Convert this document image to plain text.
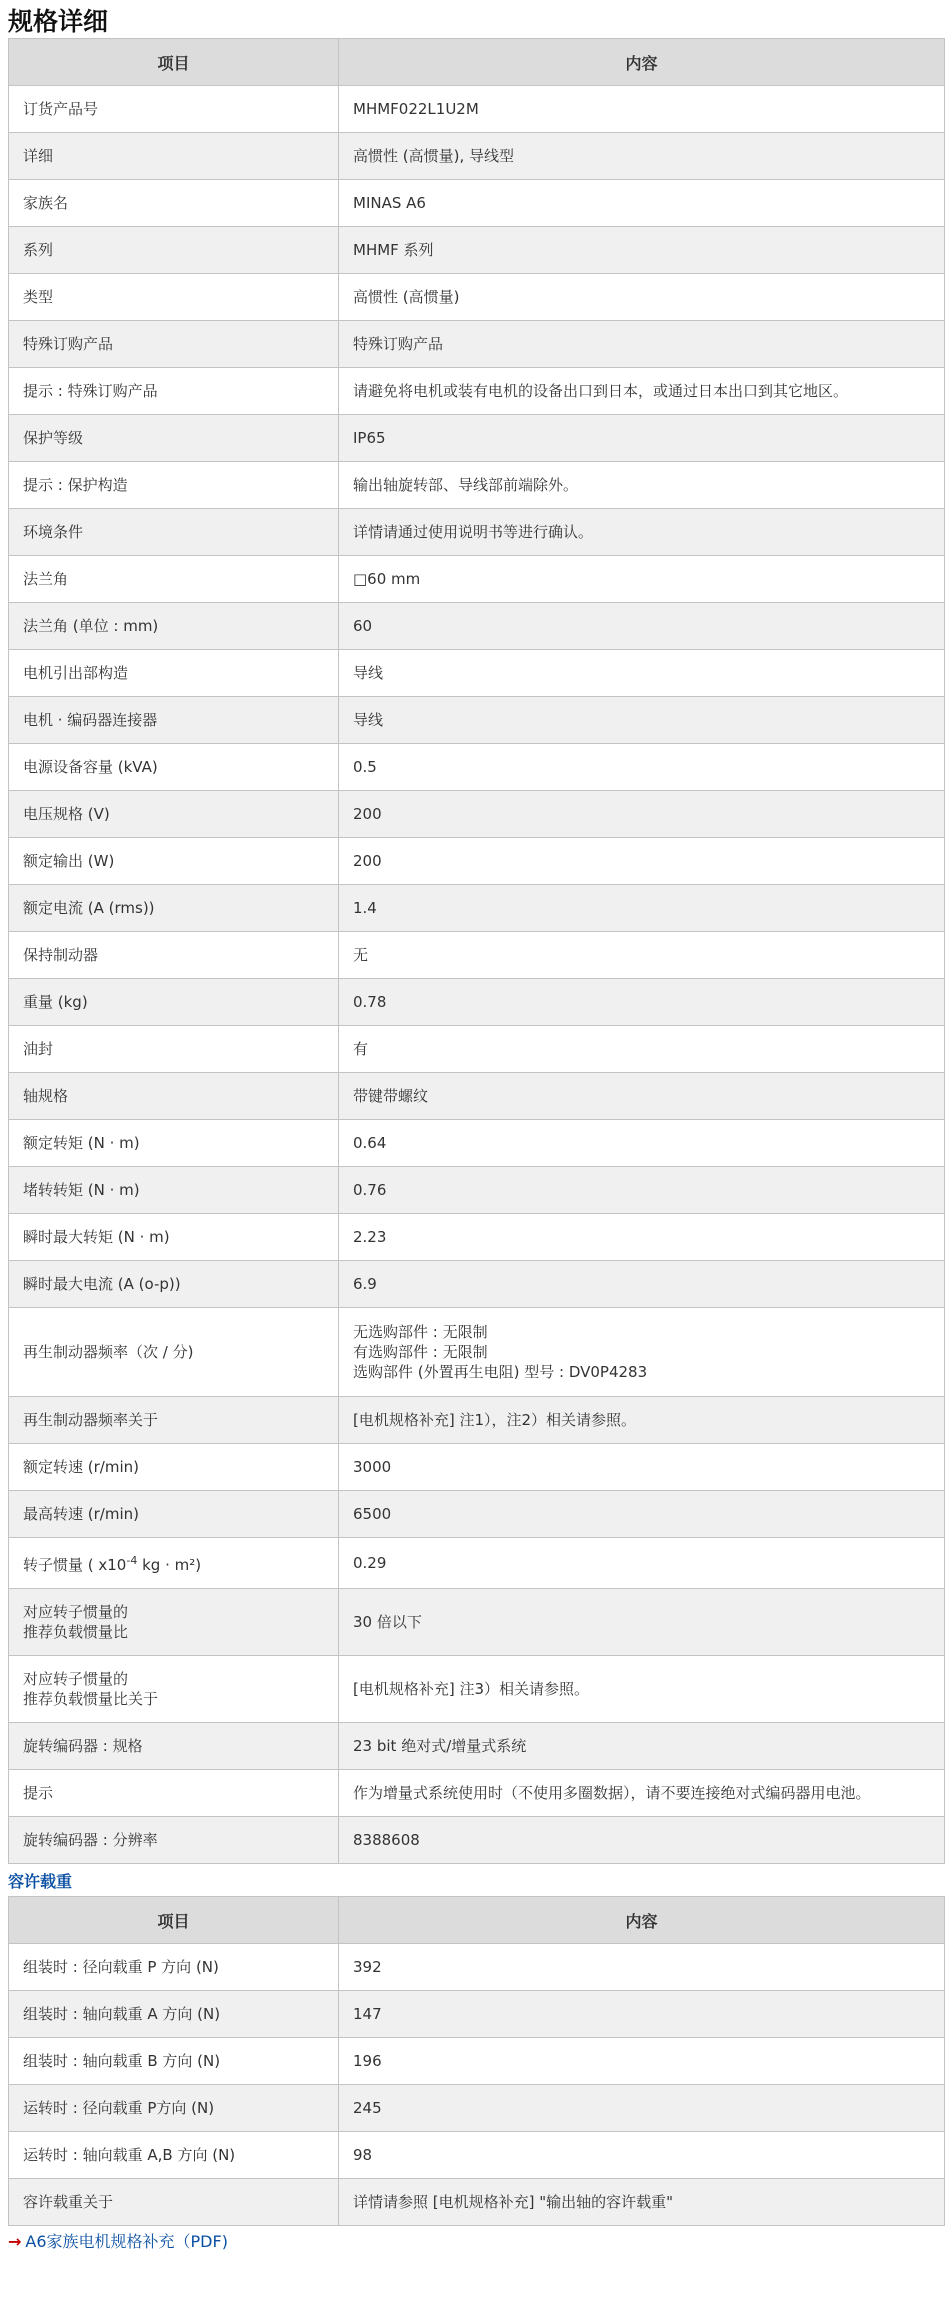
规格详细
项目	内容
订货产品号	MHMF022L1U2M
详细	高惯性 (高惯量), 导线型
家族名	MINAS A6
系列	MHMF 系列
类型	高惯性 (高惯量)
特殊订购产品	特殊订购产品
提示 : 特殊订购产品	请避免将电机或装有电机的设备出口到日本，或通过日本出口到其它地区。
保护等级	IP65
提示 : 保护构造	输出轴旋转部、导线部前端除外。
环境条件	详情请通过使用说明书等进行确认。
法兰角	□60 mm
法兰角 (单位 : mm)	60
电机引出部构造	导线
电机 · 编码器连接器	导线
电源设备容量 (kVA)	0.5
电压规格 (V)	200
额定输出 (W)	200
额定电流 (A (rms))	1.4
保持制动器	无
重量 (kg)	0.78
油封	有
轴规格	带键带螺纹
额定转矩 (N · m)	0.64
堵转转矩 (N · m)	0.76
瞬时最大转矩 (N · m)	2.23
瞬时最大电流 (A (o-p))	6.9
再生制动器频率（次 / 分)	无选购部件 : 无限制
有选购部件 : 无限制
选购部件 (外置再生电阻) 型号 : DV0P4283
再生制动器频率关于	[电机规格补充] 注1），注2）相关请参照。
额定转速 (r/min)	3000
最高转速 (r/min)	6500
转子惯量 ( $x10^{-4}$ kg · m²)	0.29
对应转子惯量的
推荐负载惯量比	30 倍以下
对应转子惯量的
推荐负载惯量比关于	[电机规格补充] 注3）相关请参照。
旋转编码器 : 规格	23 bit 绝对式/增量式系统
提示	作为增量式系统使用时（不使用多圈数据），请不要连接绝对式编码器用电池。
旋转编码器 : 分辨率	8388608
容许载重
项目	内容
组装时 : 径向载重 P 方向 (N)	392
组装时 : 轴向载重 A 方向 (N)	147
组装时 : 轴向载重 B 方向 (N)	196
运转时 : 径向载重 P方向 (N)	245
运转时 : 轴向载重 A,B 方向 (N)	98
容许载重关于	详情请参照 [电机规格补充] "输出轴的容许载重"
→ A6家族电机规格补充（PDF)
